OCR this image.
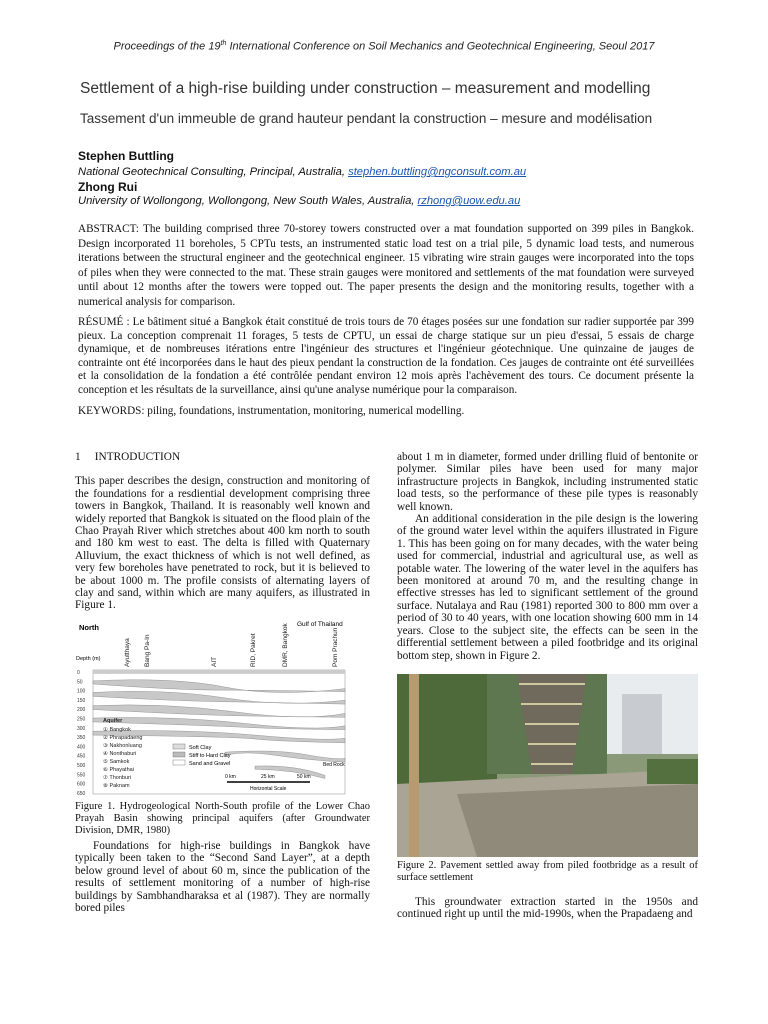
Proceedings of the 19th International Conference on Soil Mechanics and Geotechnical Engineering, Seoul 2017
Settlement of a high-rise building under construction – measurement and modelling
Tassement d'un immeuble de grand hauteur pendant la construction – mesure and modélisation
Stephen Buttling
National Geotechnical Consulting, Principal, Australia, stephen.buttling@ngconsult.com.au
Zhong Rui
University of Wollongong, Wollongong, New South Wales, Australia, rzhong@uow.edu.au
ABSTRACT: The building comprised three 70-storey towers constructed over a mat foundation supported on 399 piles in Bangkok. Design incorporated 11 boreholes, 5 CPTu tests, an instrumented static load test on a trial pile, 5 dynamic load tests, and numerous iterations between the structural engineer and the geotechnical engineer. 15 vibrating wire strain gauges were incorporated into the tops of piles when they were connected to the mat. These strain gauges were monitored and settlements of the mat foundation were surveyed until about 12 months after the towers were topped out. The paper presents the design and the monitoring results, together with a numerical analysis for comparison.
RÉSUMÉ : Le bâtiment situé a Bangkok était constitué de trois tours de 70 étages posées sur une fondation sur radier supportée par 399 pieux. La conception comprenait 11 forages, 5 tests de CPTU, un essai de charge statique sur un pieu d'essai, 5 essais de charge dynamique, et de nombreuses itérations entre l'ingénieur des structures et l'ingénieur géotechnique. Une quinzaine de jauges de contrainte ont été incorporées dans le haut des pieux pendant la construction de la fondation. Ces jauges de contrainte ont été surveillées et la consolidation de la fondation a été contrôlée pendant environ 12 mois après l'achèvement des tours. Ce document présente la conception et les résultats de la surveillance, ainsi qu'une analyse numérique pour la comparaison.
KEYWORDS: piling, foundations, instrumentation, monitoring, numerical modelling.
1     INTRODUCTION
This paper describes the design, construction and monitoring of the foundations for a resdiential development comprising three towers in Bangkok, Thailand. It is reasonably well known and widely reported that Bangkok is situated on the flood plain of the Chao Prayah River which stretches about 400 km north to south and 180 km west to east. The delta is filled with Quaternary Alluvium, the exact thickness of which is not well defined, as very few boreholes have penetrated to rock, but it is believed to be about 1000 m. The profile consists of alternating layers of clay and sand, within which are many aquifers, as illustrated in Figure 1.
North	Gulf of Thailand
Ayutthaya Bang Pa-In	AIT	RID, Pakret	DMR, Bangkok	Pom Prachun
Depth (m)
0
50
100
150
200
250
300
350
400
450
500
550
600
650
Aquifer
① Bangkok
② Phrapadaeng
③ Nakhonluang
④ Nonthaburi
⑤ Samkok
⑥ Phayathai
⑦ Thonburi
⑧ Paknam
Soft Clay
Stiff to Hard Clay
Sand and Gravel
0 km	25 km	50 km
Horizontal Scale
Bed Rock
Figure 1. Hydrogeological North-South profile of the Lower Chao Prayah Basin showing principal aquifers (after Groundwater Division, DMR, 1980)
Foundations for high-rise buildings in Bangkok have typically been taken to the “Second Sand Layer”, at a depth below ground level of about 60 m, since the publication of the results of settlement monitoring of a number of high-rise buildings by Sambhandharaksa et al (1987). They are normally bored piles
about 1 m in diameter, formed under drilling fluid of bentonite or polymer. Similar piles have been used for many major infrastructure projects in Bangkok, including instrumented static load tests, so the performance of these pile types is reasonably well known.
An additional consideration in the pile design is the lowering of the ground water level within the aquifers illustrated in Figure 1. This has been going on for many decades, with the water being used for commercial, industrial and agricultural use, as well as potable water. The lowering of the water level in the aquifers has been monitored at around 70 m, and the resulting change in effective stresses has led to significant settlement of the ground surface. Nutalaya and Rau (1981) reported 300 to 800 mm over a period of 30 to 40 years, with one location showing 600 mm in 14 years. Close to the subject site, the effects can be seen in the differential settlement between a piled footbridge and its original bottom step, shown in Figure 2.
Figure 2. Pavement settled away from piled footbridge as a result of surface settlement
This groundwater extraction started in the 1950s and continued right up until the mid-1990s, when the Prapadaeng and
